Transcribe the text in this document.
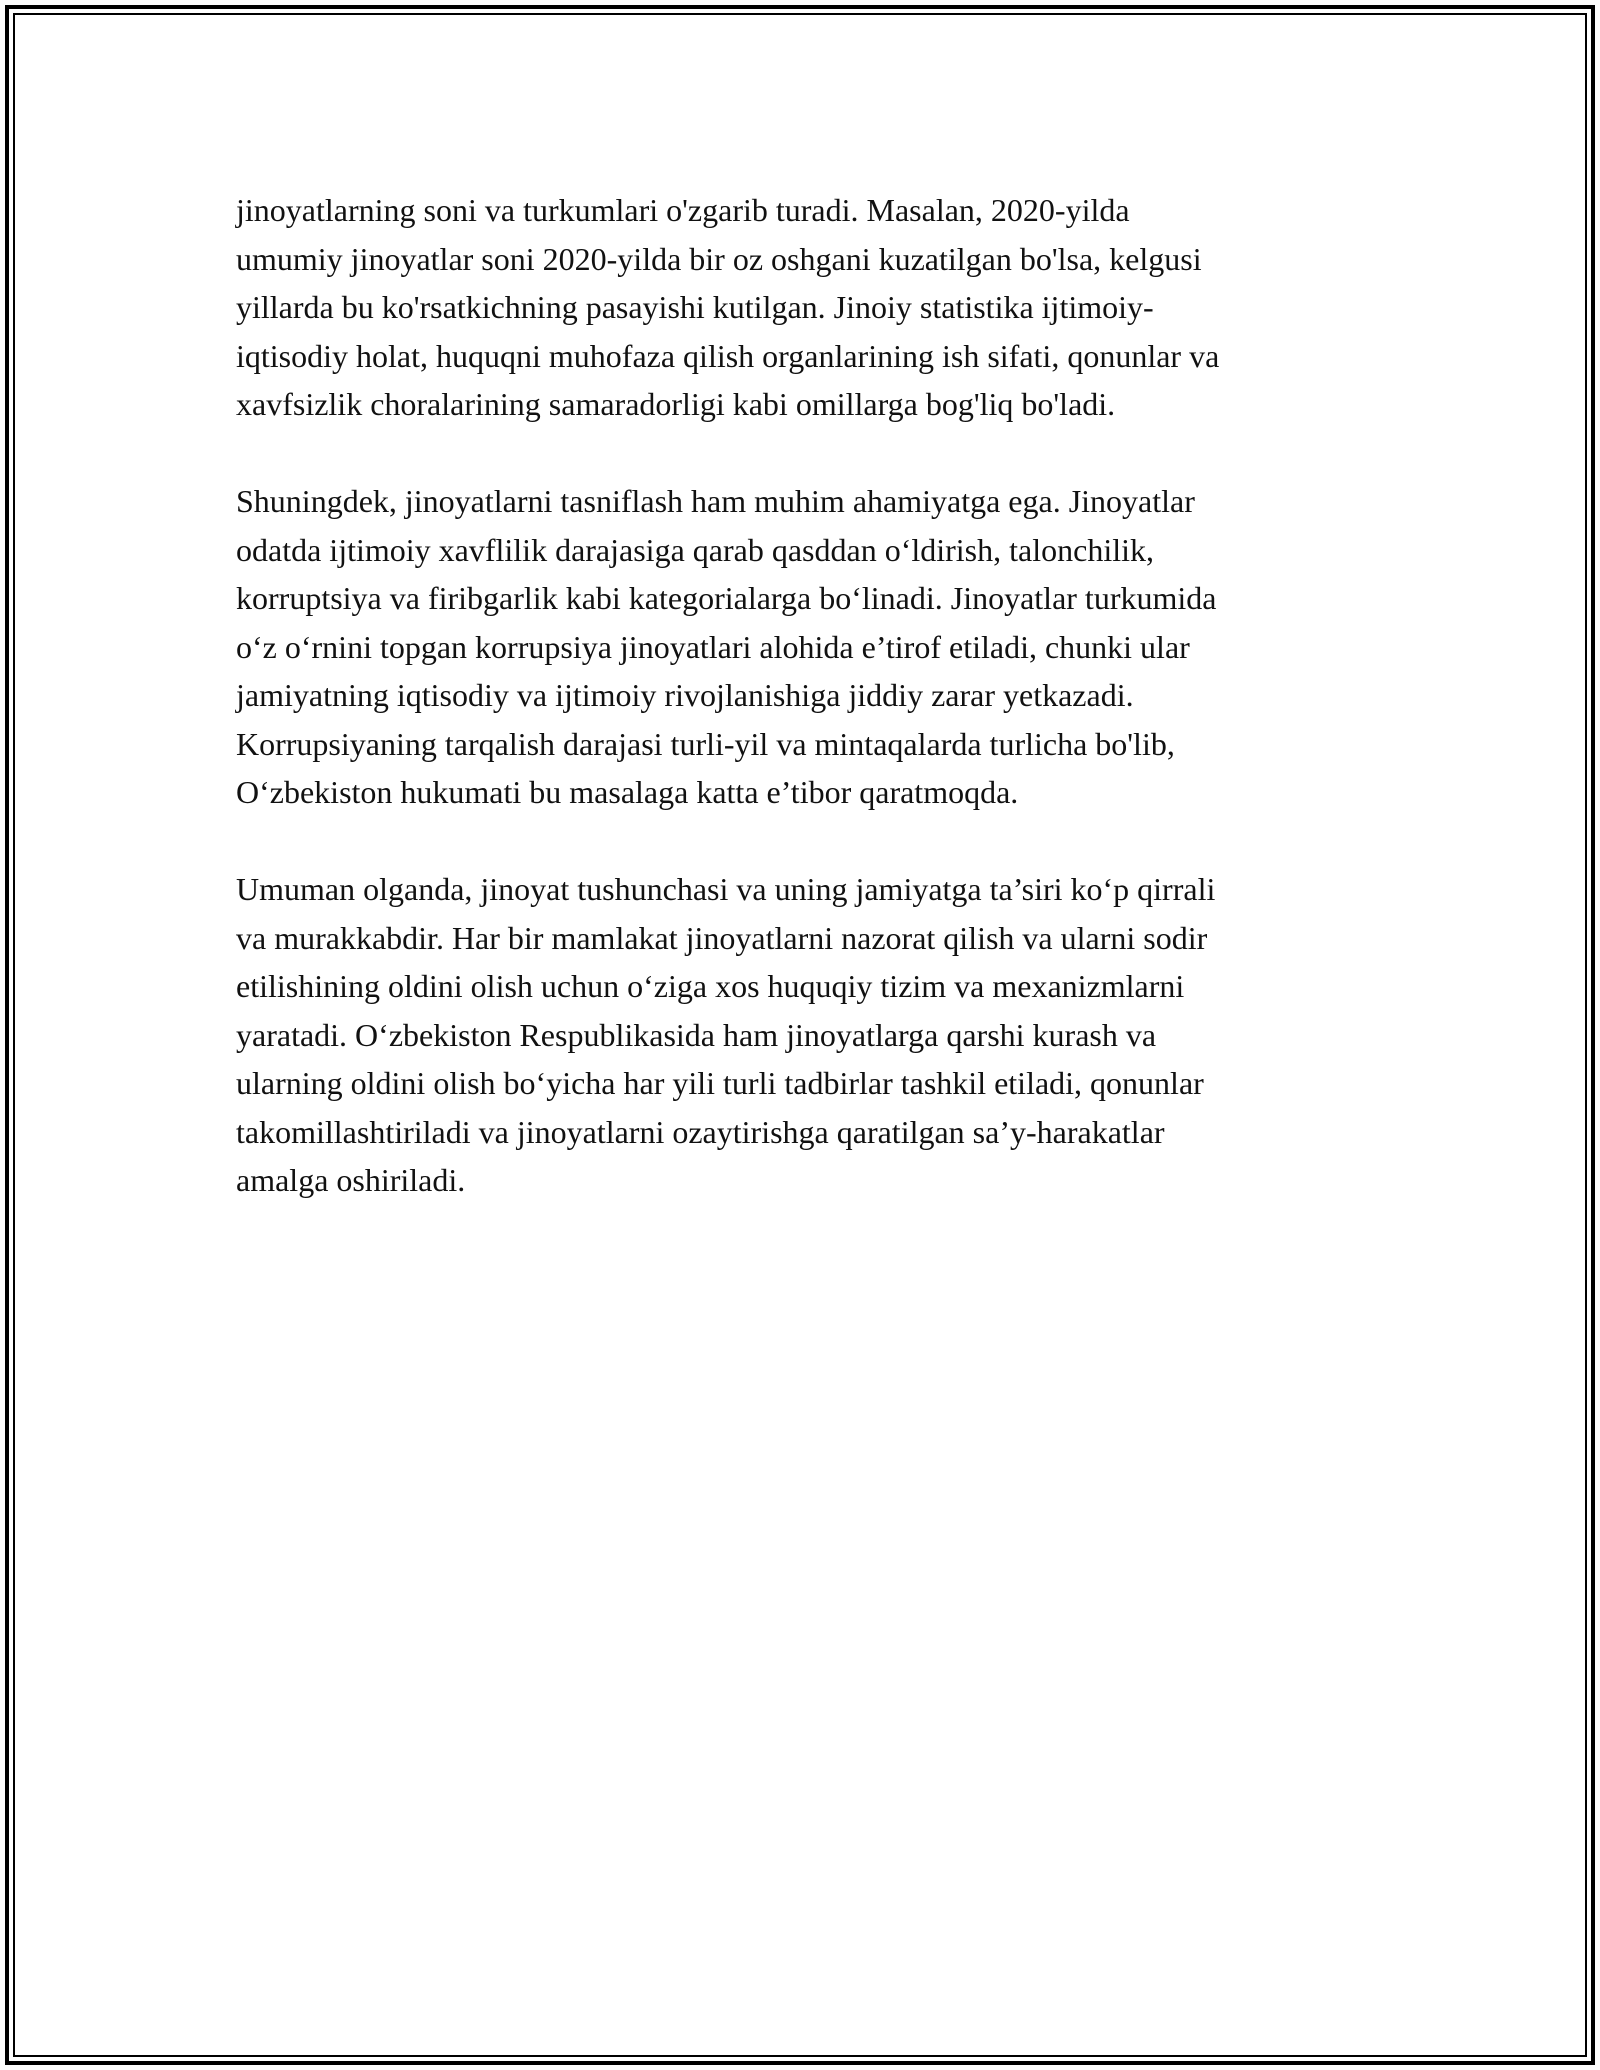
jinoyatlarning soni va turkumlari o'zgarib turadi. Masalan, 2020-yilda
umumiy jinoyatlar soni 2020-yilda bir oz oshgani kuzatilgan bo'lsa, kelgusi
yillarda bu ko'rsatkichning pasayishi kutilgan. Jinoiy statistika ijtimoiy-
iqtisodiy holat, huquqni muhofaza qilish organlarining ish sifati, qonunlar va
xavfsizlik choralarining samaradorligi kabi omillarga bog'liq bo'ladi.

Shuningdek, jinoyatlarni tasniflash ham muhim ahamiyatga ega. Jinoyatlar
odatda ijtimoiy xavflilik darajasiga qarab qasddan o‘ldirish, talonchilik,
korruptsiya va firibgarlik kabi kategorialarga bo‘linadi. Jinoyatlar turkumida
o‘z o‘rnini topgan korrupsiya jinoyatlari alohida e’tirof etiladi, chunki ular
jamiyatning iqtisodiy va ijtimoiy rivojlanishiga jiddiy zarar yetkazadi.
Korrupsiyaning tarqalish darajasi turli-yil va mintaqalarda turlicha bo'lib,
O‘zbekiston hukumati bu masalaga katta e’tibor qaratmoqda.

Umuman olganda, jinoyat tushunchasi va uning jamiyatga ta’siri ko‘p qirrali
va murakkabdir. Har bir mamlakat jinoyatlarni nazorat qilish va ularni sodir
etilishining oldini olish uchun o‘ziga xos huquqiy tizim va mexanizmlarni
yaratadi. O‘zbekiston Respublikasida ham jinoyatlarga qarshi kurash va
ularning oldini olish bo‘yicha har yili turli tadbirlar tashkil etiladi, qonunlar
takomillashtiriladi va jinoyatlarni ozaytirishga qaratilgan sa’y-harakatlar
amalga oshiriladi.
